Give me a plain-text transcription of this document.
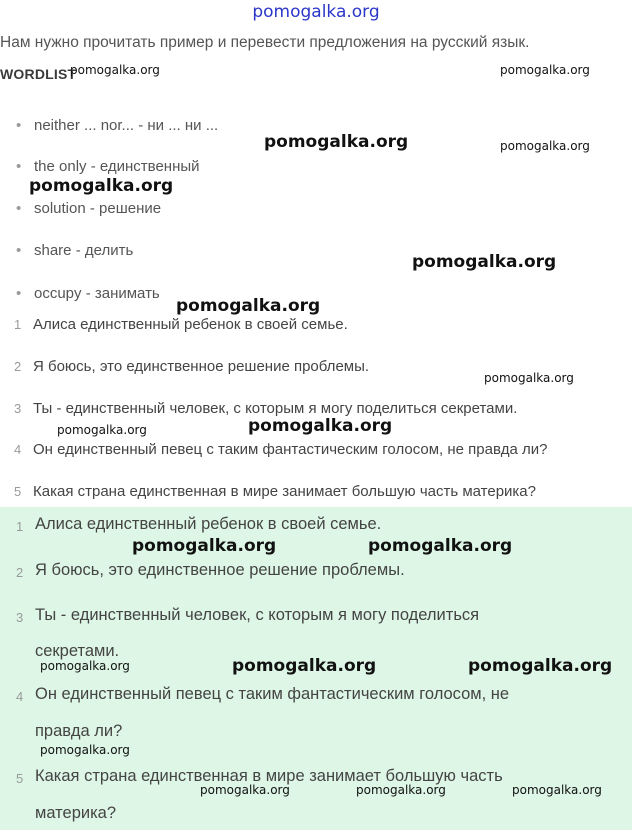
pomogalka.org
Нам нужно прочитать пример и перевести предложения на русский язык.
WORDLIST
• neither ... nor... - ни ... ни ...
• the only - единственный
• solution - решение
• share - делить
• occupy - занимать
1 Алиса единственный ребенок в своей семье.
2 Я боюсь, это единственное решение проблемы.
3 Ты - единственный человек, с которым я могу поделиться секретами.
4 Он единственный певец с таким фантастическим голосом, не правда ли?
5 Какая страна единственная в мире занимает большую часть материка?
1 Алиса единственный ребенок в своей семье.
2 Я боюсь, это единственное решение проблемы.
3 Ты - единственный человек, с которым я могу поделиться
секретами.
4 Он единственный певец с таким фантастическим голосом, не
правда ли?
5 Какая страна единственная в мире занимает большую часть
материка?
pomogalka.org	pomogalka.org
pomogalka.org	pomogalka.org
pomogalka.org
pomogalka.org
pomogalka.org
pomogalka.org
pomogalka.org
pomogalka.org
pomogalka.org	pomogalka.org
pomogalka.org	pomogalka.org	pomogalka.org
pomogalka.org
pomogalka.org	pomogalka.org	pomogalka.org
